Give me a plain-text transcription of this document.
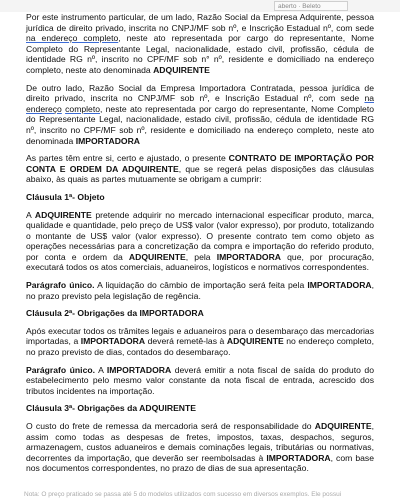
aberto · Beleto

Por este instrumento particular, de um lado, Razão Social da Empresa Adquirente, pessoa jurídica de direito privado, inscrita no CNPJ/MF sob nº, e Inscrição Estadual nº, com sede na endereço completo, neste ato representada por cargo do representante, Nome Completo do Representante Legal, nacionalidade, estado civil, profissão, cédula de identidade RG nº, inscrito no CPF/MF sob n° nº, residente e domiciliado na endereço completo, neste ato denominada ADQUIRENTE

De outro lado, Razão Social da Empresa Importadora Contratada, pessoa jurídica de direito privado, inscrita no CNPJ/MF sob nº, e Inscrição Estadual nº, com sede na endereço completo, neste ato representada por cargo do representante, Nome Completo do Representante Legal, nacionalidade, estado civil, profissão, cédula de identidade RG nº, inscrito no CPF/MF sob nº, residente e domiciliado na endereço completo, neste ato denominada IMPORTADORA

As partes têm entre si, certo e ajustado, o presente CONTRATO DE IMPORTAÇÃO POR CONTA E ORDEM DA ADQUIRENTE, que se regerá pelas disposições das cláusulas abaixo, às quais as partes mutuamente se obrigam a cumprir:

Cláusula 1ª- Objeto

A ADQUIRENTE pretende adquirir no mercado internacional especificar produto, marca, qualidade e quantidade, pelo preço de US$ valor (valor expresso), por produto, totalizando o montante de US$ valor (valor expresso). O presente contrato tem como objeto as operações necessárias para a concretização da compra e importação do referido produto, por conta e ordem da ADQUIRENTE, pela IMPORTADORA que, por procuração, executará todos os atos comerciais, aduaneiros, logísticos e normativos correspondentes.

Parágrafo único. A liquidação do câmbio de importação será feita pela IMPORTADORA, no prazo previsto pela legislação de regência.

Cláusula 2ª- Obrigações da IMPORTADORA

Após executar todos os trâmites legais e aduaneiros para o desembaraço das mercadorias importadas, a IMPORTADORA deverá remetê-las à ADQUIRENTE no endereço completo, no prazo previsto de dias, contados do desembaraço.

Parágrafo único. A IMPORTADORA deverá emitir a nota fiscal de saída do produto do estabelecimento pelo mesmo valor constante da nota fiscal de entrada, acrescido dos tributos incidentes na importação.

Cláusula 3ª- Obrigações da ADQUIRENTE

O custo do frete de remessa da mercadoria será de responsabilidade do ADQUIRENTE, assim como todas as despesas de fretes, impostos, taxas, despachos, seguros, armazenagem, custos aduaneiros e demais cominações legais, tributárias ou normativas, decorrentes da importação, que deverão ser reembolsadas à IMPORTADORA, com base nos documentos correspondentes, no prazo de dias de sua apresentação.

Nota: O preço praticado se passa até 5 do modelos utilizados com sucesso em diversos exemplos. Ele possui
